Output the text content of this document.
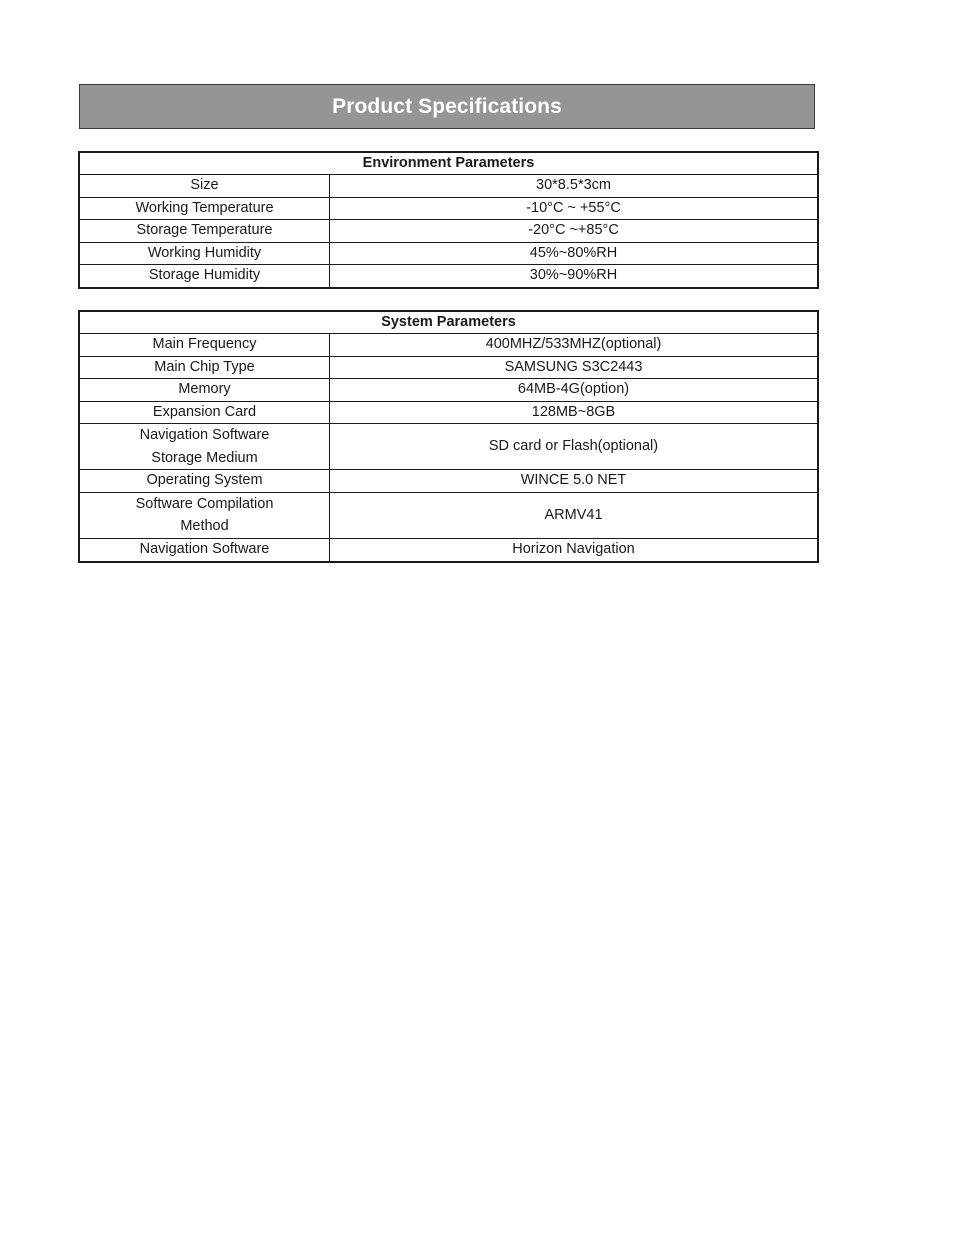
Product Specifications
Environment Parameters	
Size	30*8.5*3cm
Working Temperature	-10°C ~ +55°C
Storage Temperature	-20°C ~+85°C
Working Humidity	45%~80%RH
Storage Humidity	30%~90%RH
System Parameters	
Main Frequency	400MHZ/533MHZ(optional)
Main Chip Type	SAMSUNG S3C2443
Memory	64MB-4G(option)
Expansion Card	128MB~8GB
Navigation Software
Storage Medium	SD card or Flash(optional)
Operating System	WINCE 5.0 NET
Software Compilation
Method	ARMV41
Navigation Software	Horizon Navigation
